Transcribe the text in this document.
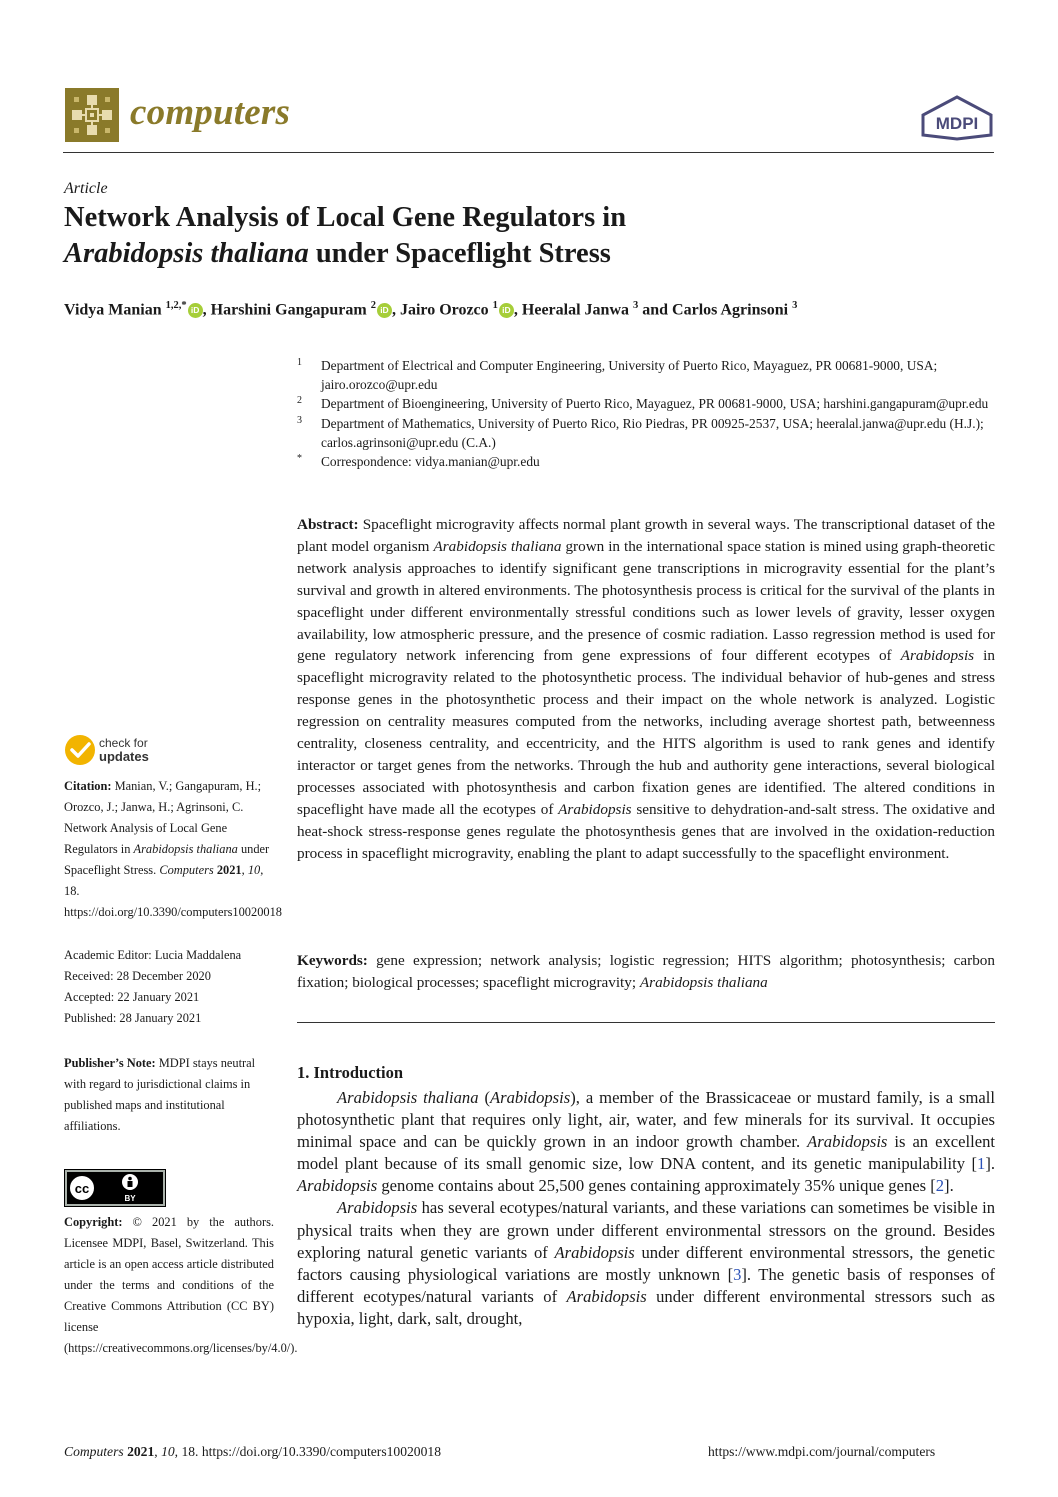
computers	MDPI
Article
Network Analysis of Local Gene Regulators in
Arabidopsis thaliana under Spaceflight Stress
Vidya Manian $^{1,2,*}$ iD , Harshini Gangapuram $^2$ iD , Jairo Orozco $^1$ iD , Heeralal Janwa $^3$ and Carlos Agrinsoni $^3$
1	Department of Electrical and Computer Engineering, University of Puerto Rico, Mayaguez, PR 00681-9000, USA; jairo.orozco@upr.edu
2	Department of Bioengineering, University of Puerto Rico, Mayaguez, PR 00681-9000, USA; harshini.gangapuram@upr.edu
3	Department of Mathematics, University of Puerto Rico, Rio Piedras, PR 00925-2537, USA; heeralal.janwa@upr.edu (H.J.); carlos.agrinsoni@upr.edu (C.A.)
*	Correspondence: vidya.manian@upr.edu

Abstract: Spaceflight microgravity affects normal plant growth in several ways. The transcriptional dataset of the plant model organism Arabidopsis thaliana grown in the international space station is mined using graph-theoretic network analysis approaches to identify significant gene transcriptions in microgravity essential for the plant’s survival and growth in altered environments. The photosynthesis process is critical for the survival of the plants in spaceflight under different environmentally stressful conditions such as lower levels of gravity, lesser oxygen availability, low atmospheric pressure, and the presence of cosmic radiation. Lasso regression method is used for gene regulatory network inferencing from gene expressions of four different ecotypes of Arabidopsis in spaceflight microgravity related to the photosynthetic process. The individual behavior of hub-genes and stress response genes in the photosynthetic process and their impact on the whole network is analyzed. Logistic regression on centrality measures computed from the networks, including average shortest path, betweenness centrality, closeness centrality, and eccentricity, and the HITS algorithm is used to rank genes and identify interactor or target genes from the networks. Through the hub and authority gene interactions, several biological processes associated with photosynthesis and carbon fixation genes are identified. The altered conditions in spaceflight have made all the ecotypes of Arabidopsis sensitive to dehydration-and-salt stress. The oxidative and heat-shock stress-response genes regulate the photosynthesis genes that are involved in the oxidation-reduction process in spaceflight microgravity, enabling the plant to adapt successfully to the spaceflight environment.

Keywords: gene expression; network analysis; logistic regression; HITS algorithm; photosynthesis; carbon fixation; biological processes; spaceflight microgravity; Arabidopsis thaliana

1. Introduction

Arabidopsis thaliana (Arabidopsis), a member of the Brassicaceae or mustard family, is a small photosynthetic plant that requires only light, air, water, and few minerals for its survival. It occupies minimal space and can be quickly grown in an indoor growth chamber. Arabidopsis is an excellent model plant because of its small genomic size, low DNA content, and its genetic manipulability [1]. Arabidopsis genome contains about 25,500 genes containing approximately 35% unique genes [2].

Arabidopsis has several ecotypes/natural variants, and these variations can sometimes be visible in physical traits when they are grown under different environmental stressors on the ground. Besides exploring natural genetic variants of Arabidopsis under different environmental stressors, the genetic factors causing physiological variations are mostly unknown [3]. The genetic basis of responses of different ecotypes/natural variants of Arabidopsis under different environmental stressors such as hypoxia, light, dark, salt, drought,

check for
updates

Citation: Manian, V.; Gangapuram, H.; Orozco, J.; Janwa, H.; Agrinsoni, C. Network Analysis of Local Gene Regulators in Arabidopsis thaliana under Spaceflight Stress. Computers 2021, 10, 18. https://doi.org/10.3390/computers10020018

Academic Editor: Lucia Maddalena

Received: 28 December 2020

Accepted: 22 January 2021

Published: 28 January 2021

Publisher’s Note: MDPI stays neutral with regard to jurisdictional claims in published maps and institutional affiliations.

cc
BY

Copyright: © 2021 by the authors. Licensee MDPI, Basel, Switzerland. This article is an open access article distributed under the terms and conditions of the Creative Commons Attribution (CC BY) license (https://creativecommons.org/licenses/by/4.0/).

Computers 2021, 10, 18. https://doi.org/10.3390/computers10020018	https://www.mdpi.com/journal/computers
